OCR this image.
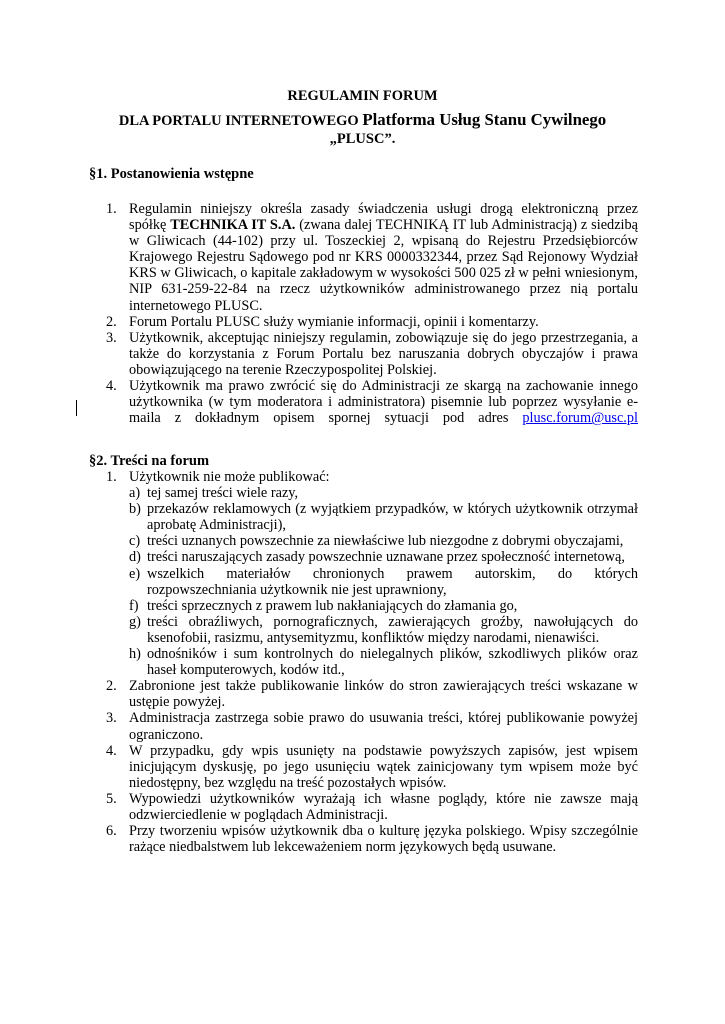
REGULAMIN FORUM
DLA PORTALU INTERNETOWEGO Platforma Usług Stanu Cywilnego
„PLUSC”.
§1. Postanowienia wstępne
1. Regulamin niniejszy określa zasady świadczenia usługi drogą elektroniczną przez spółkę TECHNIKA IT S.A. (zwana dalej TECHNIKĄ IT lub Administracją) z siedzibą w Gliwicach (44-102) przy ul. Toszeckiej 2, wpisaną do Rejestru Przedsiębiorców Krajowego Rejestru Sądowego pod nr KRS 0000332344, przez Sąd Rejonowy Wydział KRS w Gliwicach, o kapitale zakładowym w wysokości 500 025 zł w pełni wniesionym, NIP 631-259-22-84 na rzecz użytkowników administrowanego przez nią portalu internetowego PLUSC.
2. Forum Portalu PLUSC służy wymianie informacji, opinii i komentarzy.
3. Użytkownik, akceptując niniejszy regulamin, zobowiązuje się do jego przestrzegania, a także do korzystania z Forum Portalu bez naruszania dobrych obyczajów i prawa obowiązującego na terenie Rzeczypospolitej Polskiej.
4. Użytkownik ma prawo zwrócić się do Administracji ze skargą na zachowanie innego użytkownika (w tym moderatora i administratora) pisemnie lub poprzez wysyłanie e-maila z dokładnym opisem spornej sytuacji pod adres plusc.forum@usc.pl
§2. Treści na forum
1. Użytkownik nie może publikować:
a) tej samej treści wiele razy,
b) przekazów reklamowych (z wyjątkiem przypadków, w których użytkownik otrzymał aprobatę Administracji),
c) treści uznanych powszechnie za niewłaściwe lub niezgodne z dobrymi obyczajami,
d) treści naruszających zasady powszechnie uznawane przez społeczność internetową,
e) wszelkich materiałów chronionych prawem autorskim, do których rozpowszechniania użytkownik nie jest uprawniony,
f) treści sprzecznych z prawem lub nakłaniających do złamania go,
g) treści obraźliwych, pornograficznych, zawierających groźby, nawołujących do ksenofobii, rasizmu, antysemityzmu, konfliktów między narodami, nienawiści.
h) odnośników i sum kontrolnych do nielegalnych plików, szkodliwych plików oraz haseł komputerowych, kodów itd.,
2. Zabronione jest także publikowanie linków do stron zawierających treści wskazane w ustępie powyżej.
3. Administracja zastrzega sobie prawo do usuwania treści, której publikowanie powyżej ograniczono.
4. W przypadku, gdy wpis usunięty na podstawie powyższych zapisów, jest wpisem inicjującym dyskusję, po jego usunięciu wątek zainicjowany tym wpisem może być niedostępny, bez względu na treść pozostałych wpisów.
5. Wypowiedzi użytkowników wyrażają ich własne poglądy, które nie zawsze mają odzwierciedlenie w poglądach Administracji.
6. Przy tworzeniu wpisów użytkownik dba o kulturę języka polskiego. Wpisy szczególnie rażące niedbalstwem lub lekceważeniem norm językowych będą usuwane.
